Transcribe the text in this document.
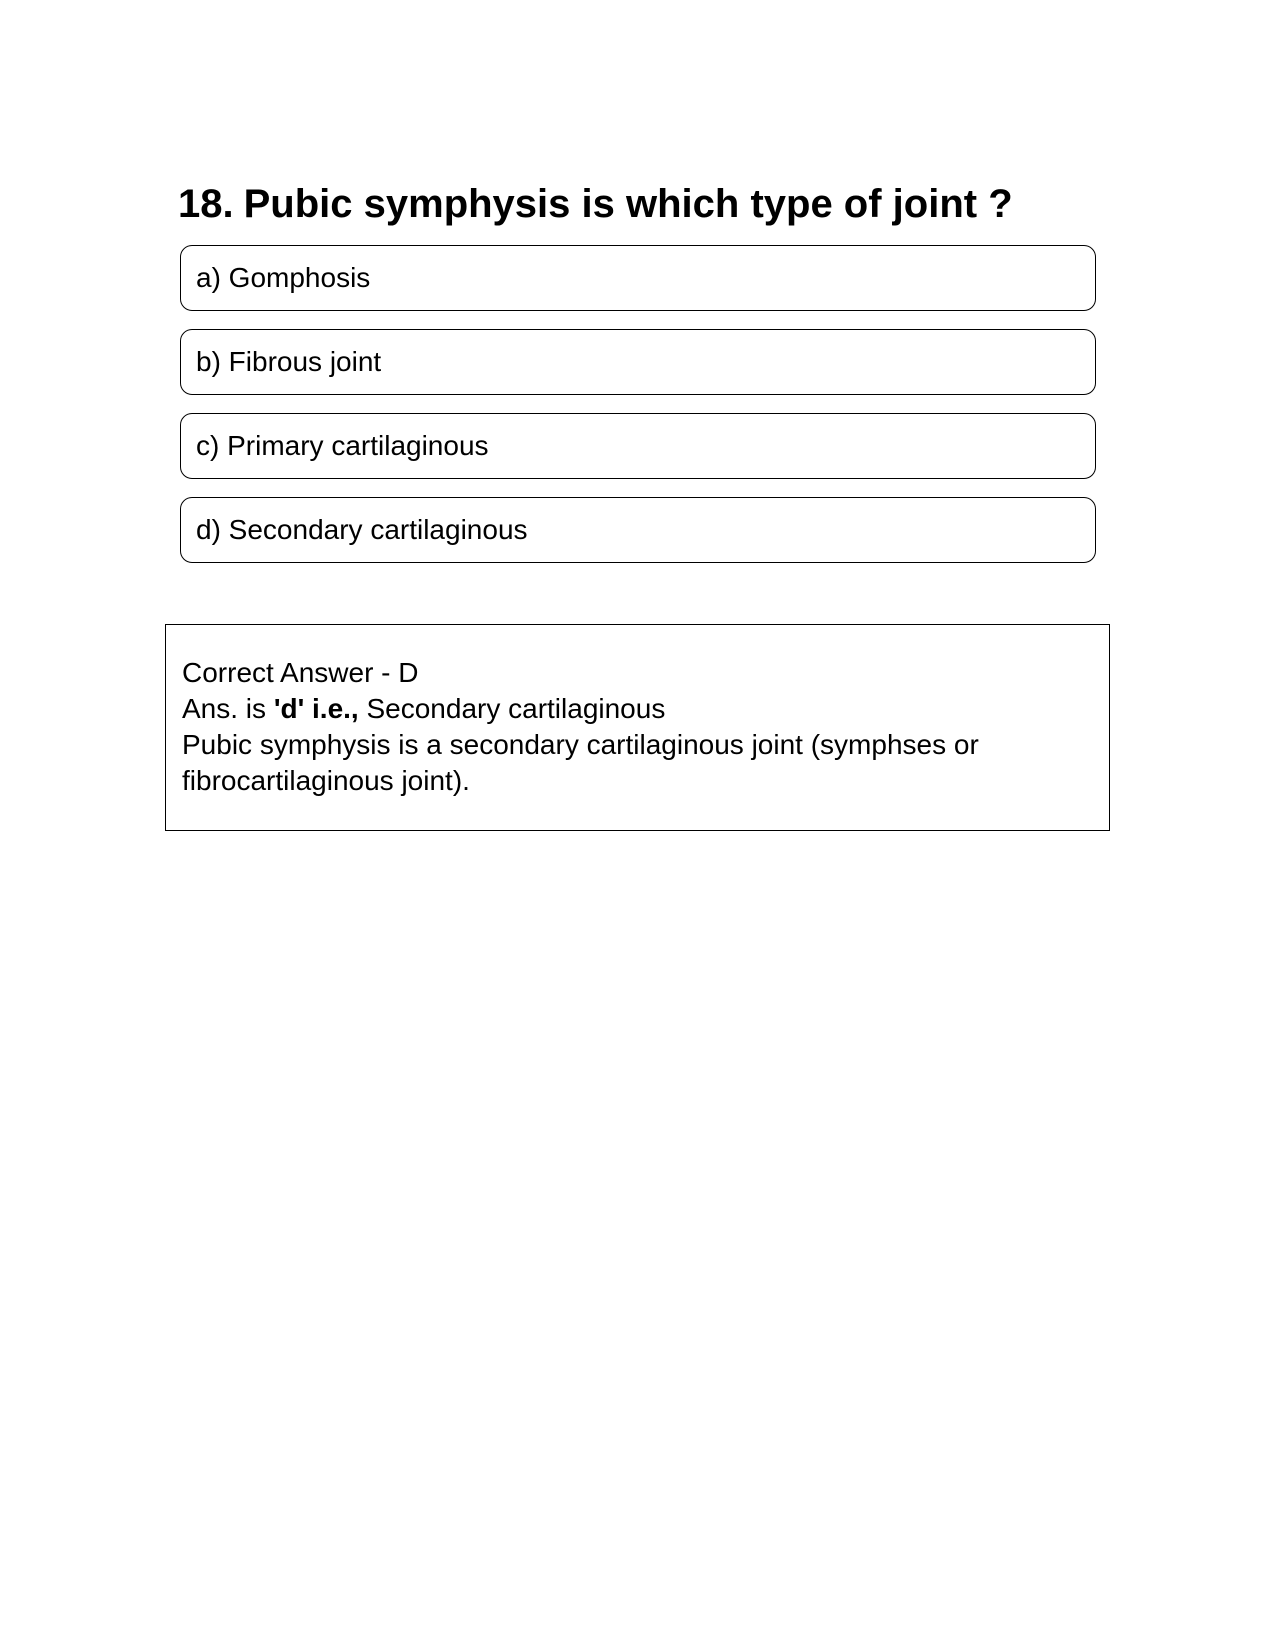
18. Pubic symphysis is which type of joint ?
a) Gomphosis
b) Fibrous joint
c) Primary cartilaginous
d) Secondary cartilaginous
Correct Answer - D
Ans. is 'd' i.e., Secondary cartilaginous
Pubic symphysis is a secondary cartilaginous joint (symphses or fibrocartilaginous joint).
